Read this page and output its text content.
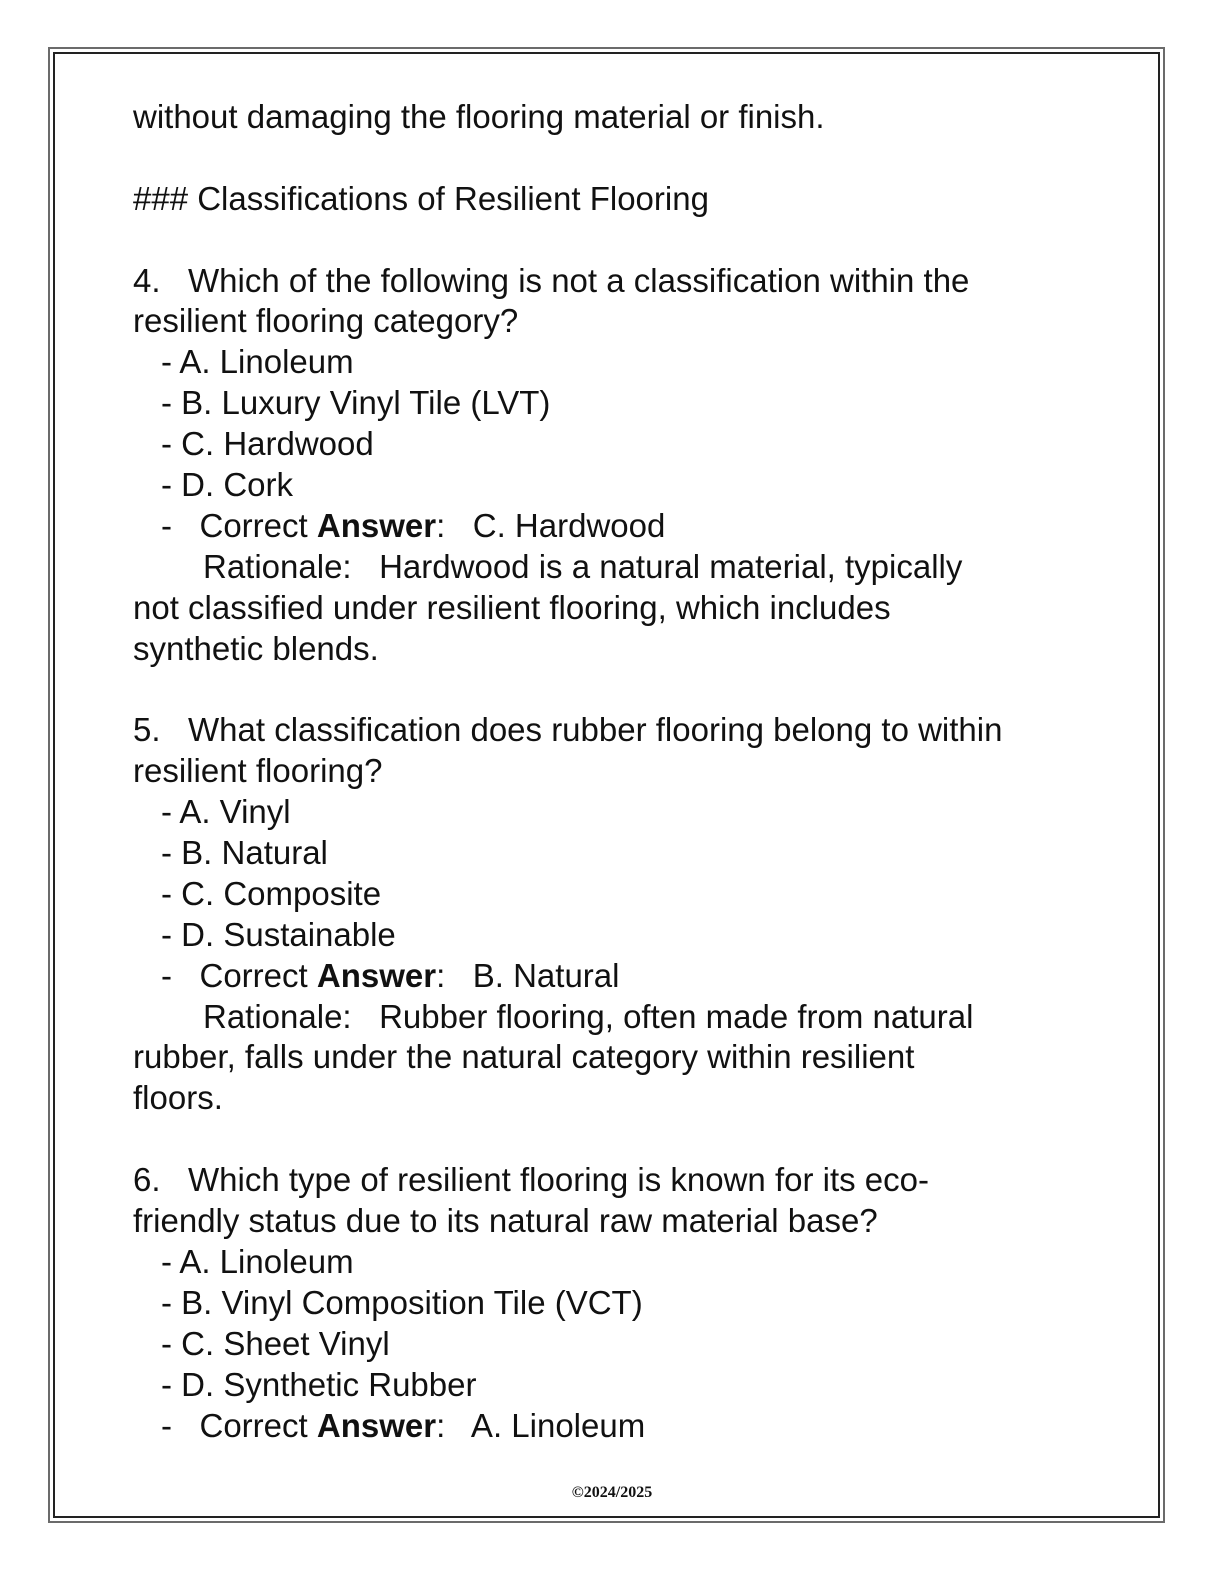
without damaging the flooring material or finish.
### Classifications of Resilient Flooring
4.   Which of the following is not a classification within the
resilient flooring category?
- A. Linoleum
- B. Luxury Vinyl Tile (LVT)
- C. Hardwood
- D. Cork
-   Correct Answer:   C. Hardwood
Rationale:   Hardwood is a natural material, typically
not classified under resilient flooring, which includes
synthetic blends.
5.   What classification does rubber flooring belong to within
resilient flooring?
- A. Vinyl
- B. Natural
- C. Composite
- D. Sustainable
-   Correct Answer:   B. Natural
Rationale:   Rubber flooring, often made from natural
rubber, falls under the natural category within resilient
floors.
6.   Which type of resilient flooring is known for its eco-
friendly status due to its natural raw material base?
- A. Linoleum
- B. Vinyl Composition Tile (VCT)
- C. Sheet Vinyl
- D. Synthetic Rubber
-   Correct Answer:   A. Linoleum
©2024/2025
